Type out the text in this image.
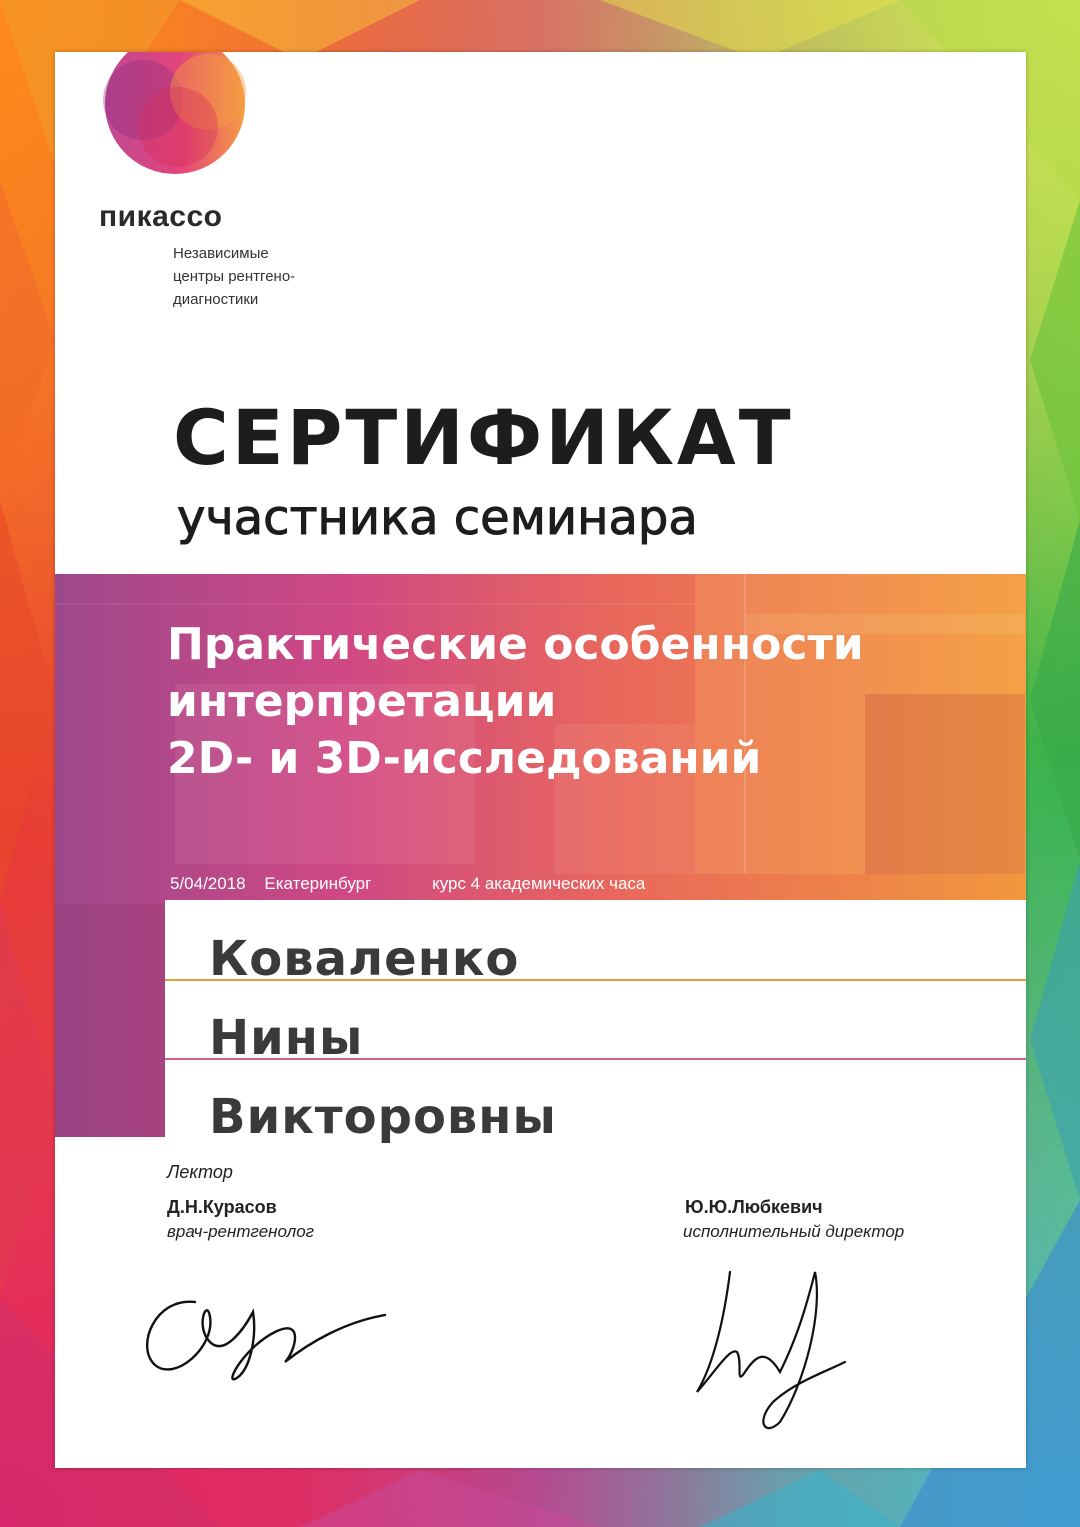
пикассо

Независимые
центры рентгено-
диагностики
СЕРТИФИКАТ
участника семинара
Практические особенности
интерпретации
2D- и 3D-исследований
5/04/2018 Екатеринбург	курс 4 академических часа

Коваленко

Нины

Викторовны

Лектор
Д.Н.Курасов
врач-рентгенолог
Ю.Ю.Любкевич
исполнительный директор
